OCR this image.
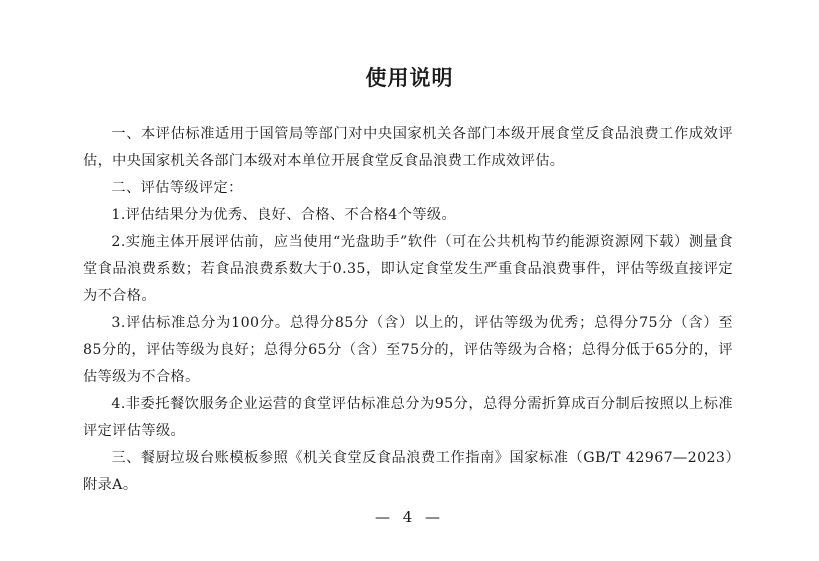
使用说明

一、本评估标准适用于国管局等部门对中央国家机关各部门本级开展食堂反食品浪费工作成效评估，中央国家机关各部门本级对本单位开展食堂反食品浪费工作成效评估。

二、评估等级评定：

1.评估结果分为优秀、良好、合格、不合格4个等级。

2.实施主体开展评估前，应当使用“光盘助手”软件（可在公共机构节约能源资源网下载）测量食堂食品浪费系数；若食品浪费系数大于0.35，即认定食堂发生严重食品浪费事件，评估等级直接评定为不合格。

3.评估标准总分为100分。总得分85分（含）以上的，评估等级为优秀；总得分75分（含）至85分的，评估等级为良好；总得分65分（含）至75分的，评估等级为合格；总得分低于65分的，评估等级为不合格。

4.非委托餐饮服务企业运营的食堂评估标准总分为95分，总得分需折算成百分制后按照以上标准评定评估等级。

三、餐厨垃圾台账模板参照《机关食堂反食品浪费工作指南》国家标准（GB/T 42967—2023）附录A。

— 4 —
